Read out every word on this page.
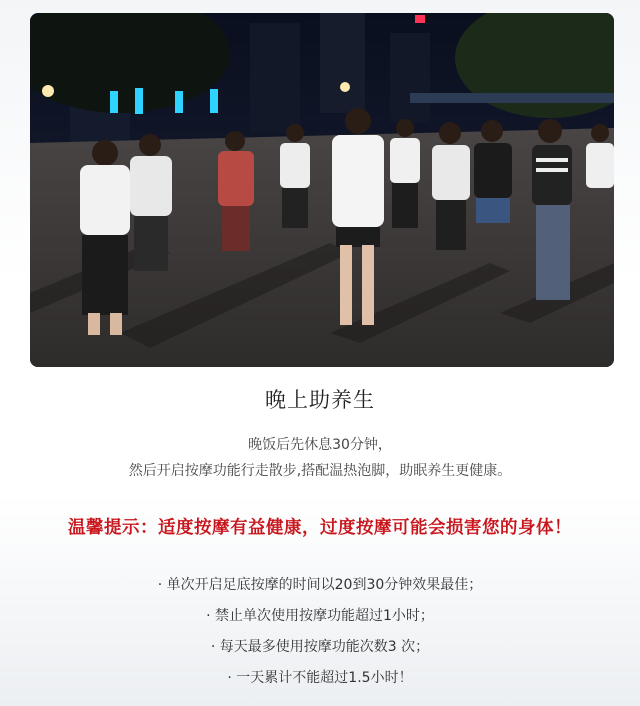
晚上助养生
晚饭后先休息30分钟，
然后开启按摩功能行走散步,搭配温热泡脚，助眠养生更健康。
温馨提示：适度按摩有益健康，过度按摩可能会损害您的身体！
· 单次开启足底按摩的时间以20到30分钟效果最佳；
· 禁止单次使用按摩功能超过1小时；
· 每天最多使用按摩功能次数3 次；
· 一天累计不能超过1.5小时！
